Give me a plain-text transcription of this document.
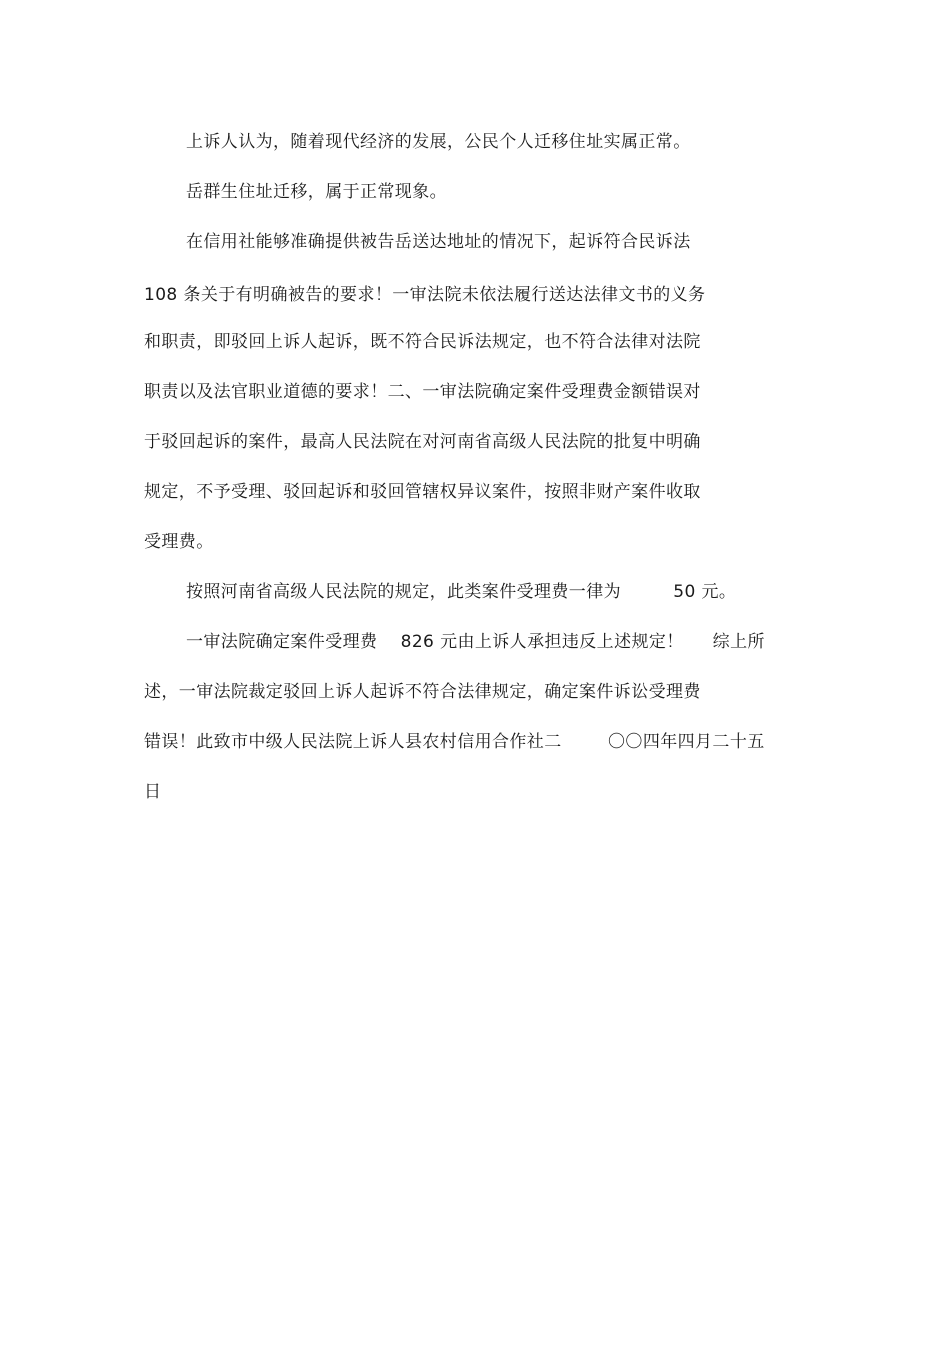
上诉人认为，随着现代经济的发展，公民个人迁移住址实属正常。
岳群生住址迁移，属于正常现象。
在信用社能够准确提供被告岳送达地址的情况下，起诉符合民诉法
108 条关于有明确被告的要求！一审法院未依法履行送达法律文书的义务
和职责，即驳回上诉人起诉，既不符合民诉法规定，也不符合法律对法院
职责以及法官职业道德的要求！二、一审法院确定案件受理费金额错误对
于驳回起诉的案件，最高人民法院在对河南省高级人民法院的批复中明确
规定，不予受理、驳回起诉和驳回管辖权异议案件，按照非财产案件收取
受理费。
按照河南省高级人民法院的规定，此类案件受理费一律为         50 元。
一审法院确定案件受理费    826 元由上诉人承担违反上述规定！     综上所
述，一审法院裁定驳回上诉人起诉不符合法律规定，确定案件诉讼受理费
错误！此致市中级人民法院上诉人县农村信用合作社二        〇〇四年四月二十五
日
